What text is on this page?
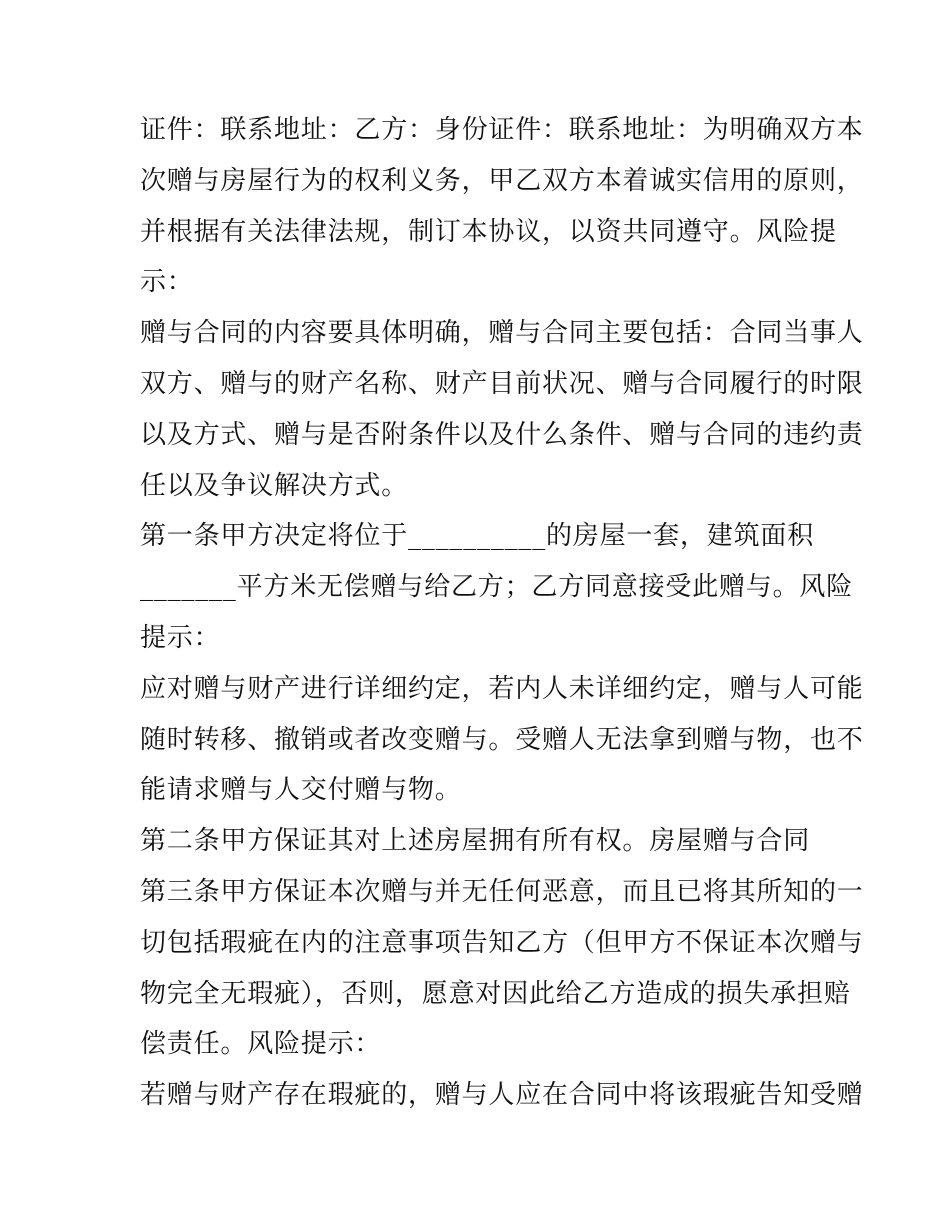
证件：联系地址：乙方：身份证件：联系地址：为明确双方本
次赠与房屋行为的权利义务，甲乙双方本着诚实信用的原则，
并根据有关法律法规，制订本协议，以资共同遵守。风险提
示：
赠与合同的内容要具体明确，赠与合同主要包括：合同当事人
双方、赠与的财产名称、财产目前状况、赠与合同履行的时限
以及方式、赠与是否附条件以及什么条件、赠与合同的违约责
任以及争议解决方式。
第一条甲方决定将位于__________的房屋一套，建筑面积
_______平方米无偿赠与给乙方；乙方同意接受此赠与。风险
提示：
应对赠与财产进行详细约定，若内人未详细约定，赠与人可能
随时转移、撤销或者改变赠与。受赠人无法拿到赠与物，也不
能请求赠与人交付赠与物。
第二条甲方保证其对上述房屋拥有所有权。房屋赠与合同
第三条甲方保证本次赠与并无任何恶意，而且已将其所知的一
切包括瑕疵在内的注意事项告知乙方（但甲方不保证本次赠与
物完全无瑕疵），否则，愿意对因此给乙方造成的损失承担赔
偿责任。风险提示：
若赠与财产存在瑕疵的，赠与人应在合同中将该瑕疵告知受赠
